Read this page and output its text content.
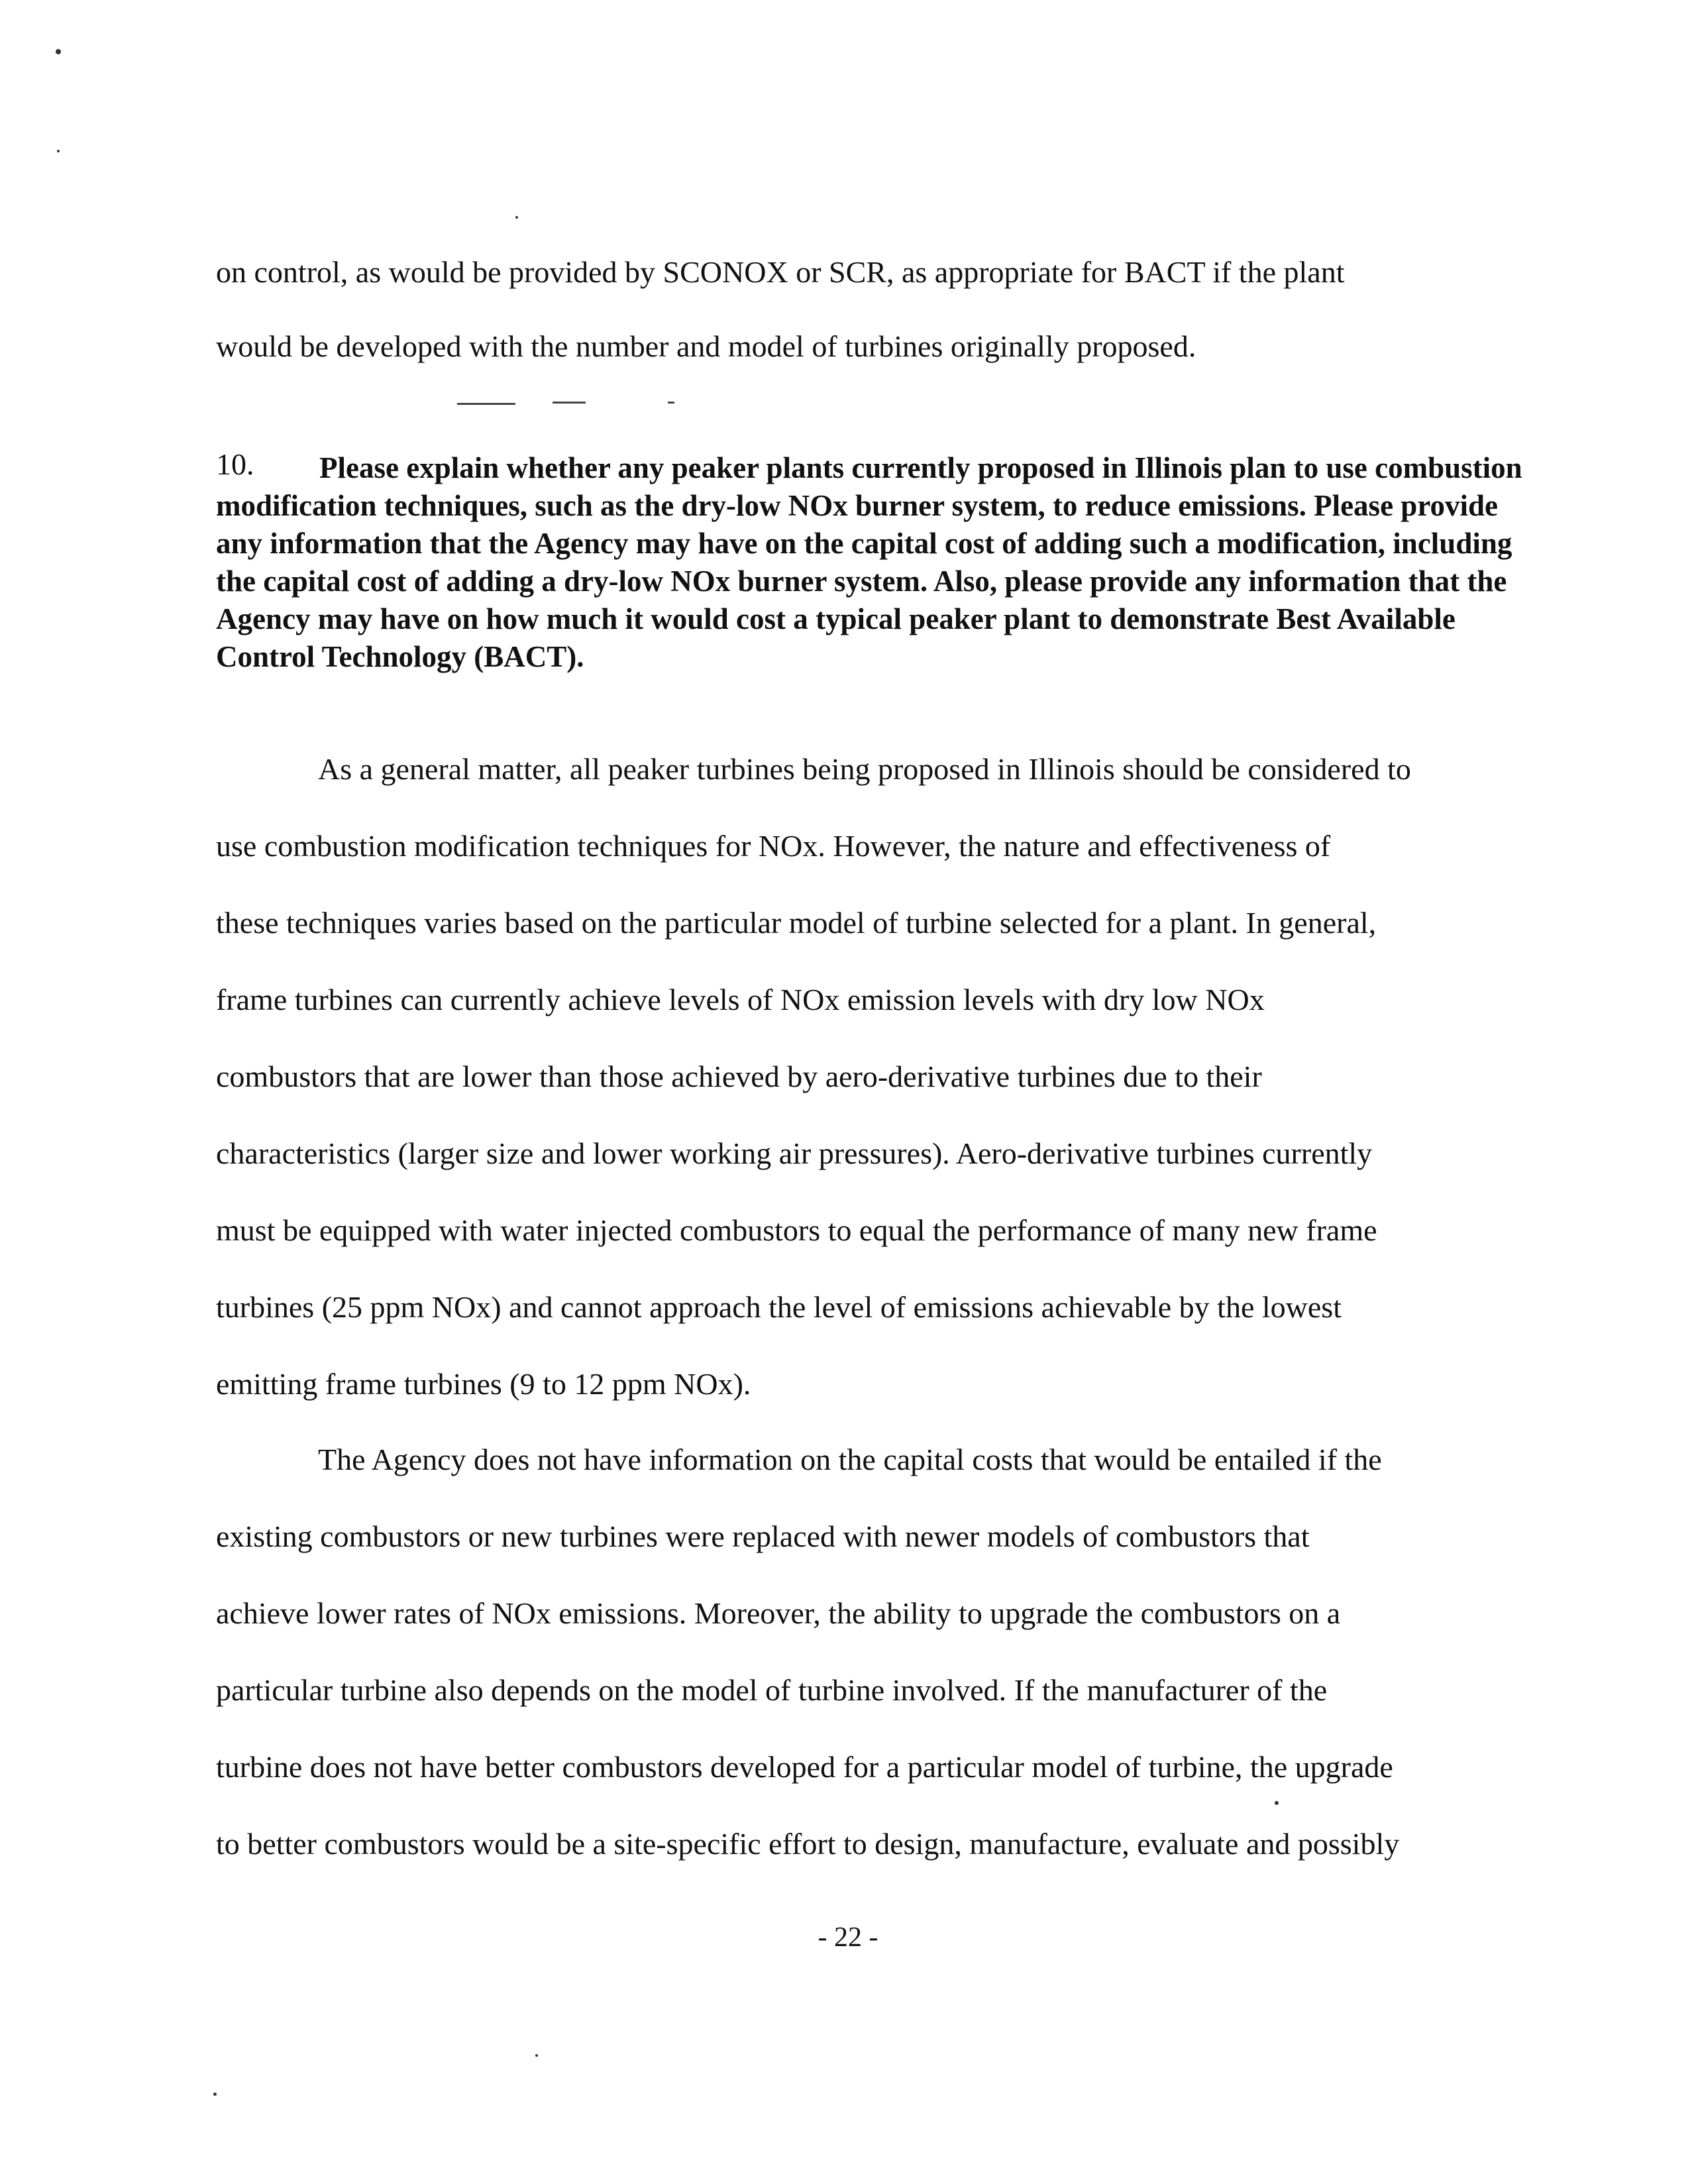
on control, as would be provided by SCONOX or SCR, as appropriate for BACT if the plant
would be developed with the number and model of turbines originally proposed.
10.	Please explain whether any peaker plants currently proposed in Illinois plan to use combustion modification techniques, such as the dry-low NOx burner system, to reduce emissions. Please provide any information that the Agency may have on the capital cost of adding such a modification, including the capital cost of adding a dry-low NOx burner system. Also, please provide any information that the Agency may have on how much it would cost a typical peaker plant to demonstrate Best Available Control Technology (BACT).
As a general matter, all peaker turbines being proposed in Illinois should be considered to
use combustion modification techniques for NOx. However, the nature and effectiveness of
these techniques varies based on the particular model of turbine selected for a plant. In general,
frame turbines can currently achieve levels of NOx emission levels with dry low NOx
combustors that are lower than those achieved by aero-derivative turbines due to their
characteristics (larger size and lower working air pressures). Aero-derivative turbines currently
must be equipped with water injected combustors to equal the performance of many new frame
turbines (25 ppm NOx) and cannot approach the level of emissions achievable by the lowest
emitting frame turbines (9 to 12 ppm NOx).
The Agency does not have information on the capital costs that would be entailed if the
existing combustors or new turbines were replaced with newer models of combustors that
achieve lower rates of NOx emissions. Moreover, the ability to upgrade the combustors on a
particular turbine also depends on the model of turbine involved. If the manufacturer of the
turbine does not have better combustors developed for a particular model of turbine, the upgrade
to better combustors would be a site-specific effort to design, manufacture, evaluate and possibly
- 22 -
